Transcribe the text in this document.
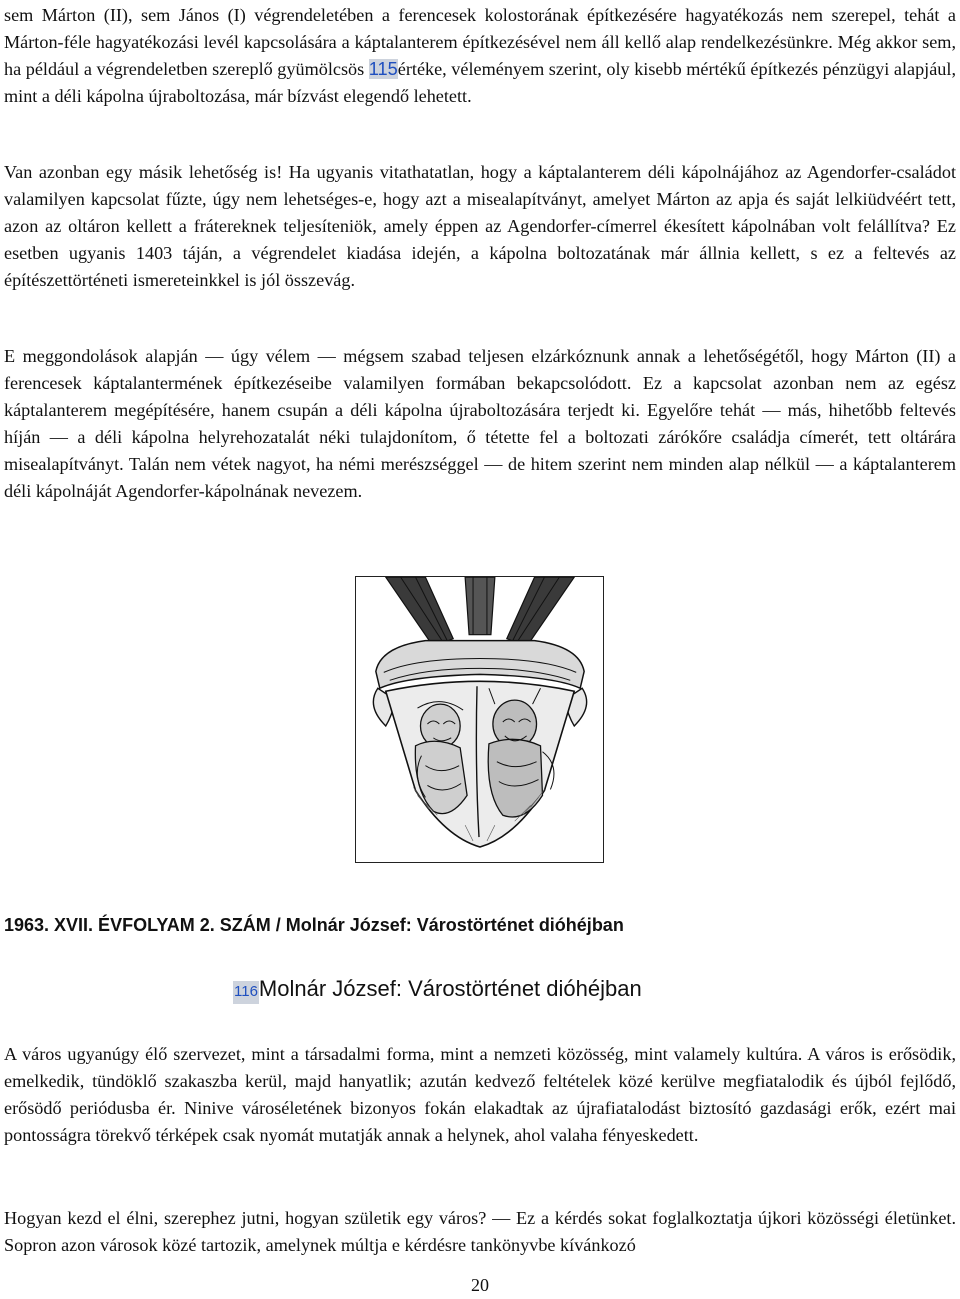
sem Márton (II), sem János (I) végrendeletében a ferencesek kolostorának építkezésére hagyatékozás nem szerepel, tehát a Márton-féle hagyatékozási levél kapcsolására a káptalanterem építkezésével nem áll kellő alap rendelkezésünkre. Még akkor sem, ha például a végrendeletben szereplő gyümölcsös 115értéke, véleményem szerint, oly kisebb mértékű építkezés pénzügyi alapjául, mint a déli kápolna újraboltozása, már bízvást elegendő lehetett.

Van azonban egy másik lehetőség is! Ha ugyanis vitathatatlan, hogy a káptalanterem déli kápolnájához az Agendorfer-családot valamilyen kapcsolat fűzte, úgy nem lehetséges-e, hogy azt a misealapítványt, amelyet Márton az apja és saját lelkiüdvéért tett, azon az oltáron kellett a frátereknek teljesíteniök, amely éppen az Agendorfer-címerrel ékesített kápolnában volt felállítva? Ez esetben ugyanis 1403 táján, a végrendelet kiadása idején, a kápolna boltozatának már állnia kellett, s ez a feltevés az építészettörténeti ismereteinkkel is jól összevág.

E meggondolások alapján — úgy vélem — mégsem szabad teljesen elzárkóznunk annak a lehetőségétől, hogy Márton (II) a ferencesek káptalantermének építkezéseibe valamilyen formában bekapcsolódott. Ez a kapcsolat azonban nem az egész káptalanterem megépítésére, hanem csupán a déli kápolna újraboltozására terjedt ki. Egyelőre tehát — más, hihetőbb feltevés híján — a déli kápolna helyrehozatalát néki tulajdonítom, ő tétette fel a boltozati zárókőre családja címerét, tett oltárára misealapítványt. Talán nem vétek nagyot, ha némi merészséggel — de hitem szerint nem minden alap nélkül — a káptalanterem déli kápolnáját Agendorfer-kápolnának nevezem.

1963. XVII. ÉVFOLYAM 2. SZÁM / Molnár József: Várostörténet dióhéjban
116Molnár József: Várostörténet dióhéjban

A város ugyanúgy élő szervezet, mint a társadalmi forma, mint a nemzeti közösség, mint valamely kultúra. A város is erősödik, emelkedik, tündöklő szakaszba kerül, majd hanyatlik; azután kedvező feltételek közé kerülve megfiatalodik és újból fejlődő, erősödő periódusba ér. Ninive városéletének bizonyos fokán elakadtak az újrafiatalodást biztosító gazdasági erők, ezért mai pontosságra törekvő térképek csak nyomát mutatják annak a helynek, ahol valaha fényeskedett.

Hogyan kezd el élni, szerephez jutni, hogyan születik egy város? — Ez a kérdés sokat foglalkoztatja újkori közösségi életünket. Sopron azon városok közé tartozik, amelynek múltja e kérdésre tankönyvbe kívánkozó

20
